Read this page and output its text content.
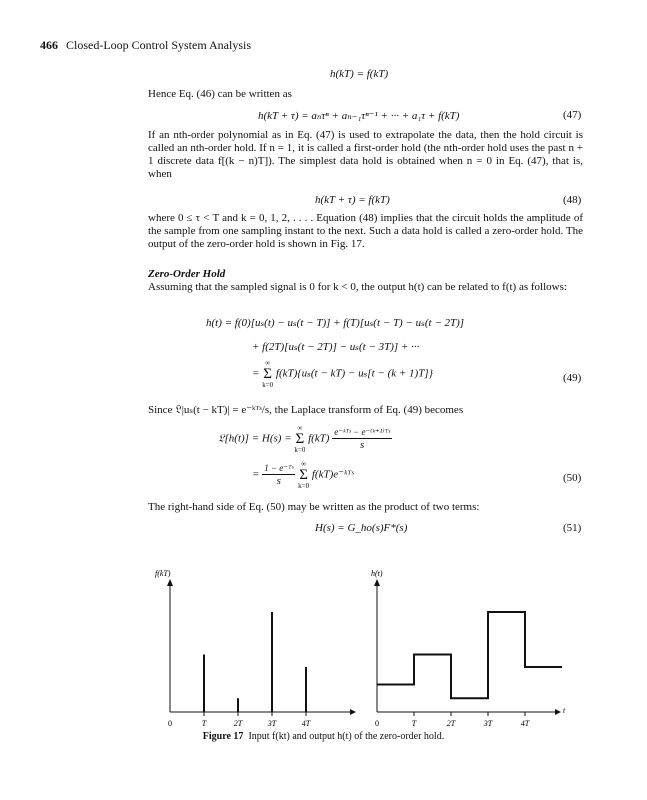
466 Closed-Loop Control System Analysis
h(kT) = f(kT)
Hence Eq. (46) can be written as
h(kT + τ) = aₙτⁿ + aₙ₋₁τⁿ⁻¹ + ··· + a₁τ + f(kT)	(47)
If an nth-order polynomial as in Eq. (47) is used to extrapolate the data, then the hold circuit is called an nth-order hold. If n = 1, it is called a first-order hold (the nth-order hold uses the past n + 1 discrete data f[(k − n)T]). The simplest data hold is obtained when n = 0 in Eq. (47), that is, when
h(kT + τ) = f(kT)	(48)
where 0 ≤ τ < T and k = 0, 1, 2, . . . . Equation (48) implies that the circuit holds the amplitude of the sample from one sampling instant to the next. Such a data hold is called a zero-order hold. The output of the zero-order hold is shown in Fig. 17.
Zero-Order Hold
Assuming that the sampled signal is 0 for k < 0, the output h(t) can be related to f(t) as follows:
h(t) = f(0)[uₛ(t) − uₛ(t − T)] + f(T)[uₛ(t − T) − uₛ(t − 2T)]
+ f(2T)[uₛ(t − 2T)] − uₛ(t − 3T)] + ···
=
∞
Σ
k=0
f(kT){uₛ(t − kT) − uₛ[t − (k + 1)T]}	(49)
Since 𝔏|uₛ(t − kT)| = e⁻ᵏᵀˢ/s, the Laplace transform of Eq. (49) becomes
𝔏[h(t)] = H(s) =
∞
Σ
k=0
$f(kT) \frac{\text{e⁻ᵏᵀˢ − e⁻⁽ᵏ⁺¹⁾ᵀˢ}}{s}$
= $\frac{\text{1 − e⁻ᵀˢ}}{s}$
∞
Σ
k=0
f(kT)e⁻ᵏᵀˢ	(50)
The right-hand side of Eq. (50) may be written as the product of two terms:
H(s) = G_ho(s)F*(s)	(51)
f(kT)
0	T	2T	3T	4T
h(t)
t
0	T	2T	3T	4T
Figure 17 Input f(kt) and output h(t) of the zero-order hold.
